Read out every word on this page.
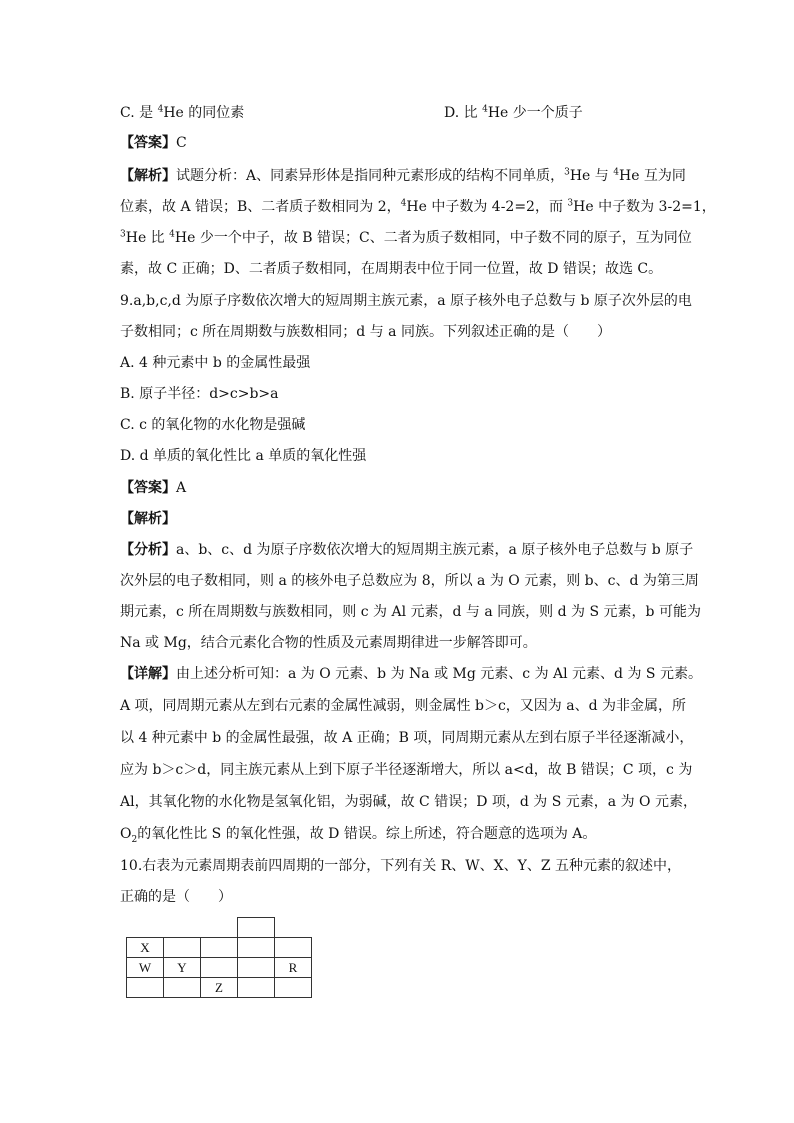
C. 是 $^4$He 的同位素	D. 比 $^4$He 少一个质子
【答案】C
【解析】试题分析：A、同素异形体是指同种元素形成的结构不同单质，$^3$He 与 $^4$He 互为同
位素，故 A 错误；B、二者质子数相同为 2，$^4$He 中子数为 4-2=2，而 $^3$He 中子数为 3-2=1，
$^3$He 比 $^4$He 少一个中子，故 B 错误；C、二者为质子数相同，中子数不同的原子，互为同位
素，故 C 正确；D、二者质子数相同，在周期表中位于同一位置，故 D 错误；故选 C。
9.a,b,c,d 为原子序数依次增大的短周期主族元素，a 原子核外电子总数与 b 原子次外层的电
子数相同；c 所在周期数与族数相同；d 与 a 同族。下列叙述正确的是（　　）
A. 4 种元素中 b 的金属性最强
B. 原子半径：d>c>b>a
C. c 的氧化物的水化物是强碱
D. d 单质的氧化性比 a 单质的氧化性强
【答案】A
【解析】
【分析】a、b、c、d 为原子序数依次增大的短周期主族元素，a 原子核外电子总数与 b 原子
次外层的电子数相同，则 a 的核外电子总数应为 8，所以 a 为 O 元素，则 b、c、d 为第三周
期元素，c 所在周期数与族数相同，则 c 为 Al 元素，d 与 a 同族，则 d 为 S 元素，b 可能为
Na 或 Mg，结合元素化合物的性质及元素周期律进一步解答即可。
【详解】由上述分析可知：a 为 O 元素、b 为 Na 或 Mg 元素、c 为 Al 元素、d 为 S 元素。
A 项，同周期元素从左到右元素的金属性减弱，则金属性 b＞c，又因为 a、d 为非金属，所
以 4 种元素中 b 的金属性最强，故 A 正确；B 项，同周期元素从左到右原子半径逐渐减小，
应为 b＞c＞d，同主族元素从上到下原子半径逐渐增大，所以 a<d，故 B 错误；C 项，c 为
Al，其氧化物的水化物是氢氧化铝，为弱碱，故 C 错误；D 项，d 为 S 元素，a 为 O 元素，
$O_2$的氧化性比 S 的氧化性强，故 D 错误。综上所述，符合题意的选项为 A。
10.右表为元素周期表前四周期的一部分，下列有关 R、W、X、Y、Z 五种元素的叙述中，
正确的是（　　）

X				
W	Y			R
		Z		
